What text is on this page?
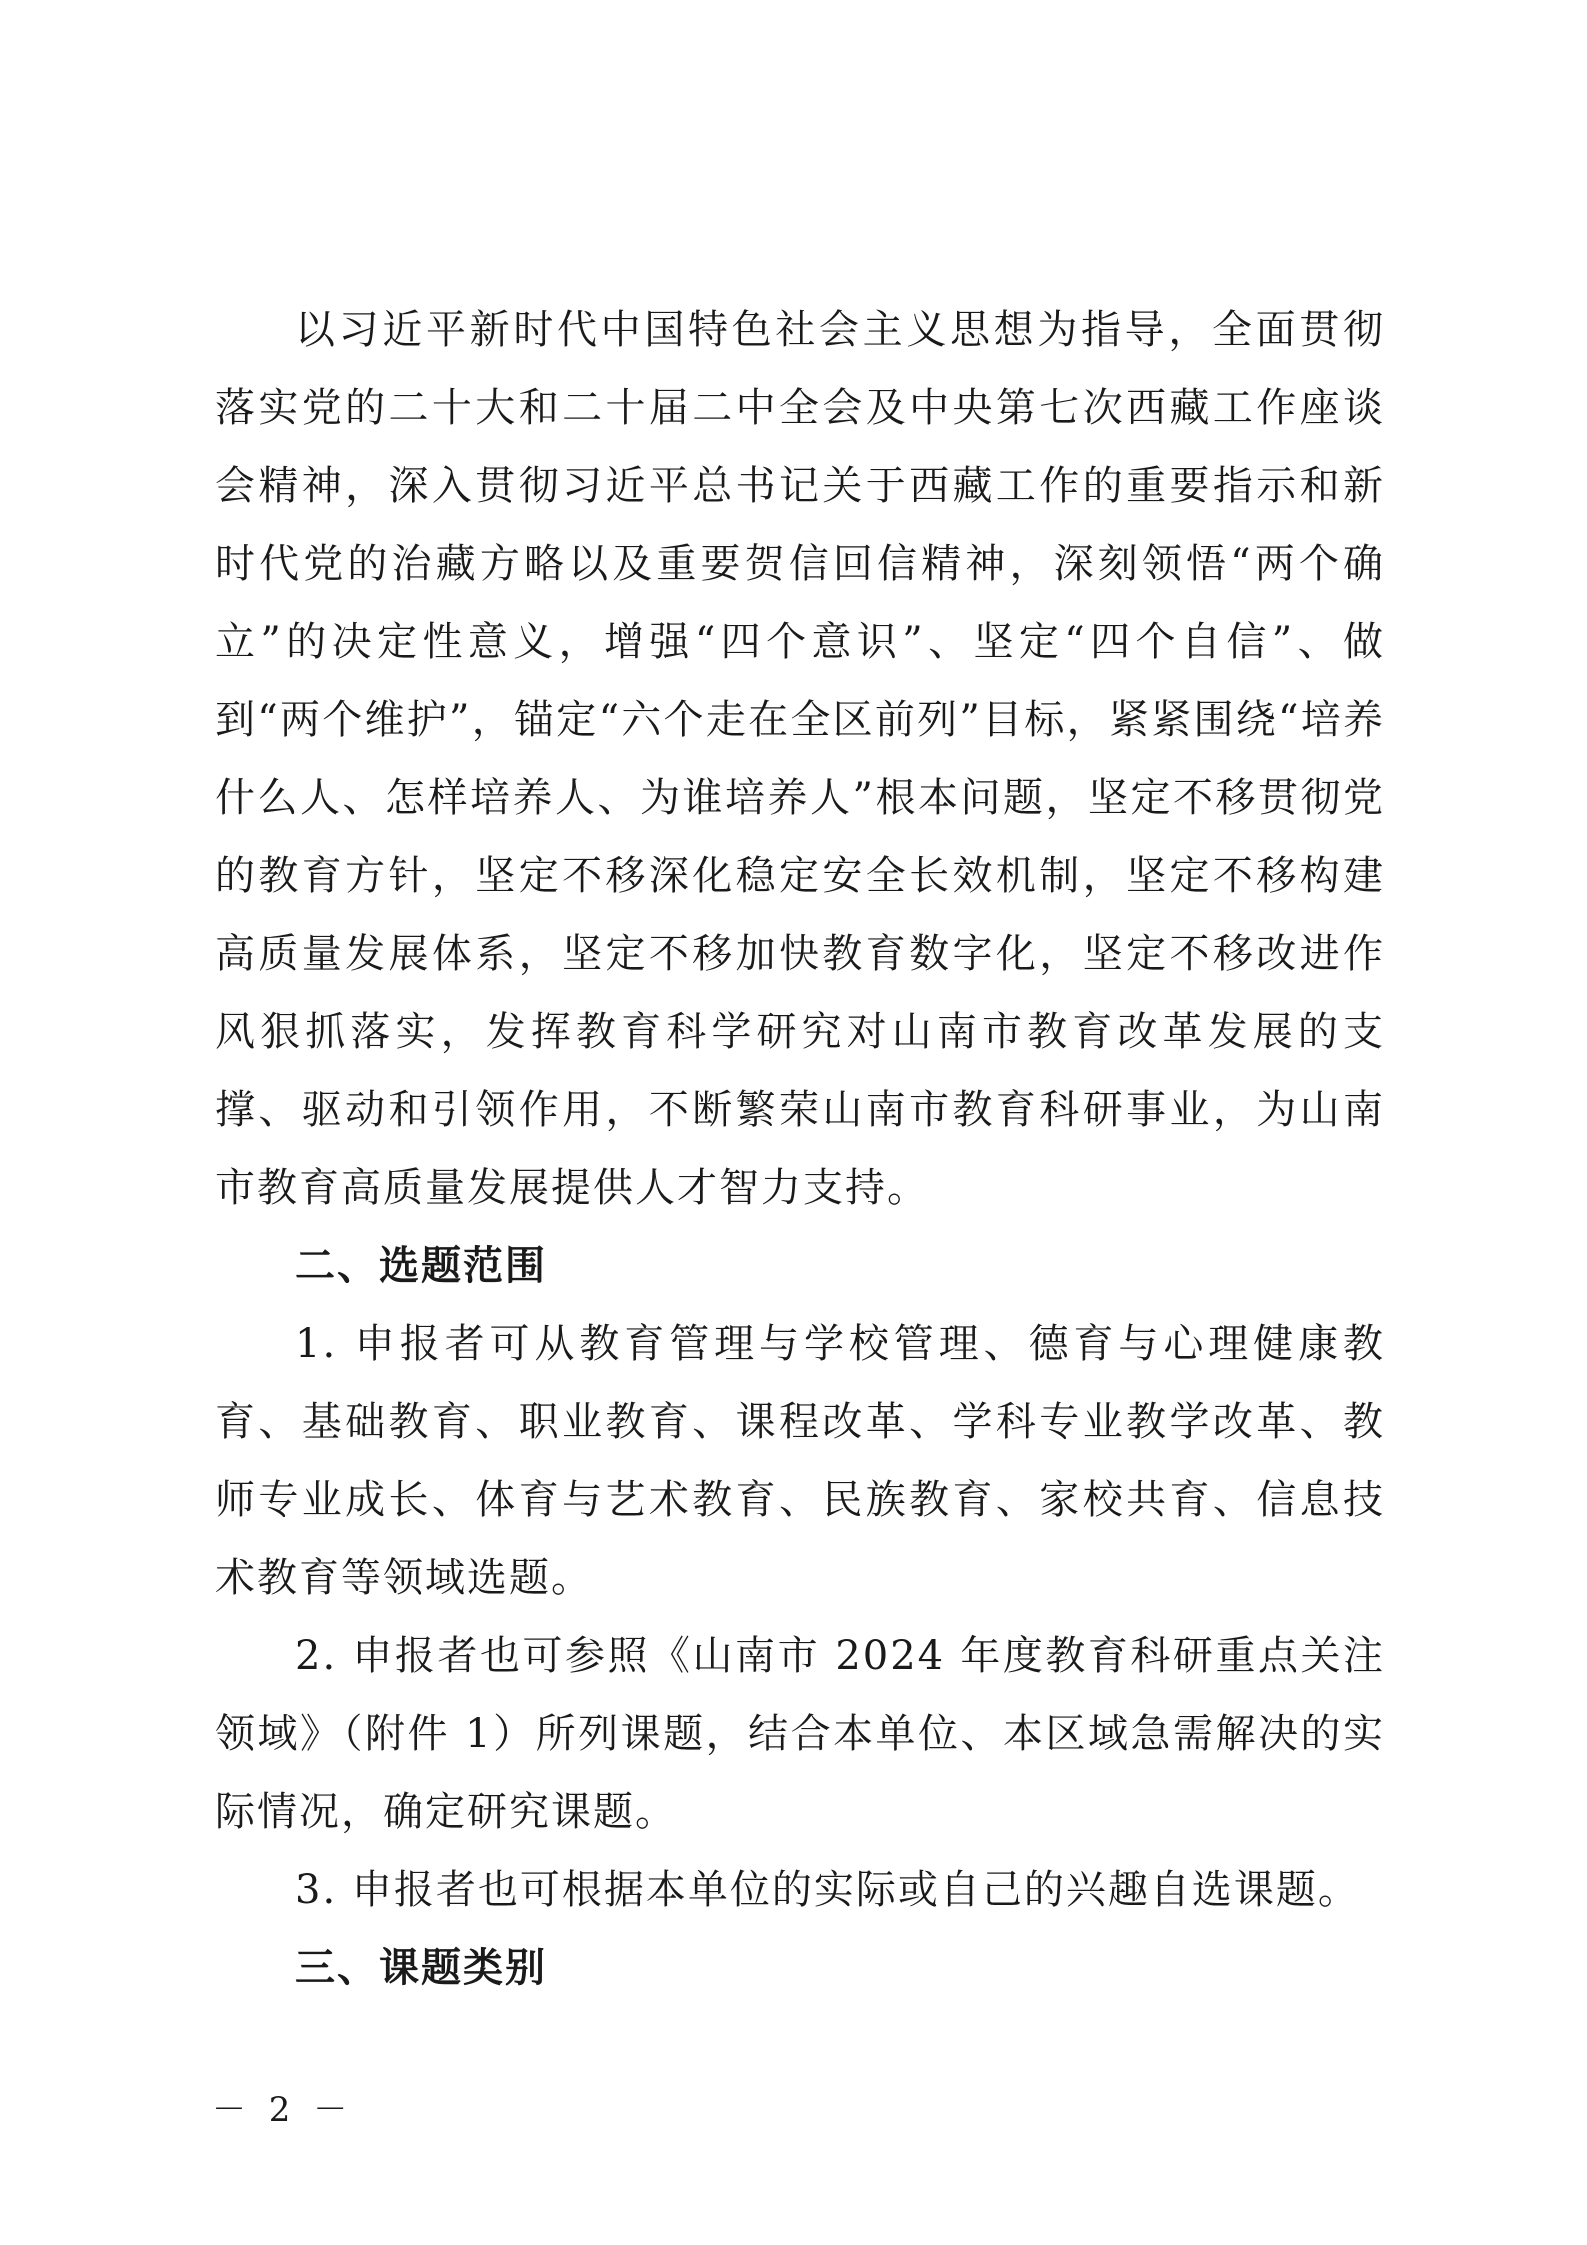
以习近平新时代中国特色社会主义思想为指导，全面贯彻落实党的二十大和二十届二中全会及中央第七次西藏工作座谈会精神，深入贯彻习近平总书记关于西藏工作的重要指示和新时代党的治藏方略以及重要贺信回信精神，深刻领悟“两个确立”的决定性意义，增强“四个意识”、坚定“四个自信”、做到“两个维护”，锚定“六个走在全区前列”目标，紧紧围绕“培养什么人、怎样培养人、为谁培养人”根本问题，坚定不移贯彻党的教育方针，坚定不移深化稳定安全长效机制，坚定不移构建高质量发展体系，坚定不移加快教育数字化，坚定不移改进作风狠抓落实，发挥教育科学研究对山南市教育改革发展的支撑、驱动和引领作用，不断繁荣山南市教育科研事业，为山南市教育高质量发展提供人才智力支持。

二、选题范围

1. 申报者可从教育管理与学校管理、德育与心理健康教育、基础教育、职业教育、课程改革、学科专业教学改革、教师专业成长、体育与艺术教育、民族教育、家校共育、信息技术教育等领域选题。

2. 申报者也可参照《山南市 2024 年度教育科研重点关注领域》（附件 1）所列课题，结合本单位、本区域急需解决的实际情况，确定研究课题。

3. 申报者也可根据本单位的实际或自己的兴趣自选课题。

三、课题类别
－ 2 －
